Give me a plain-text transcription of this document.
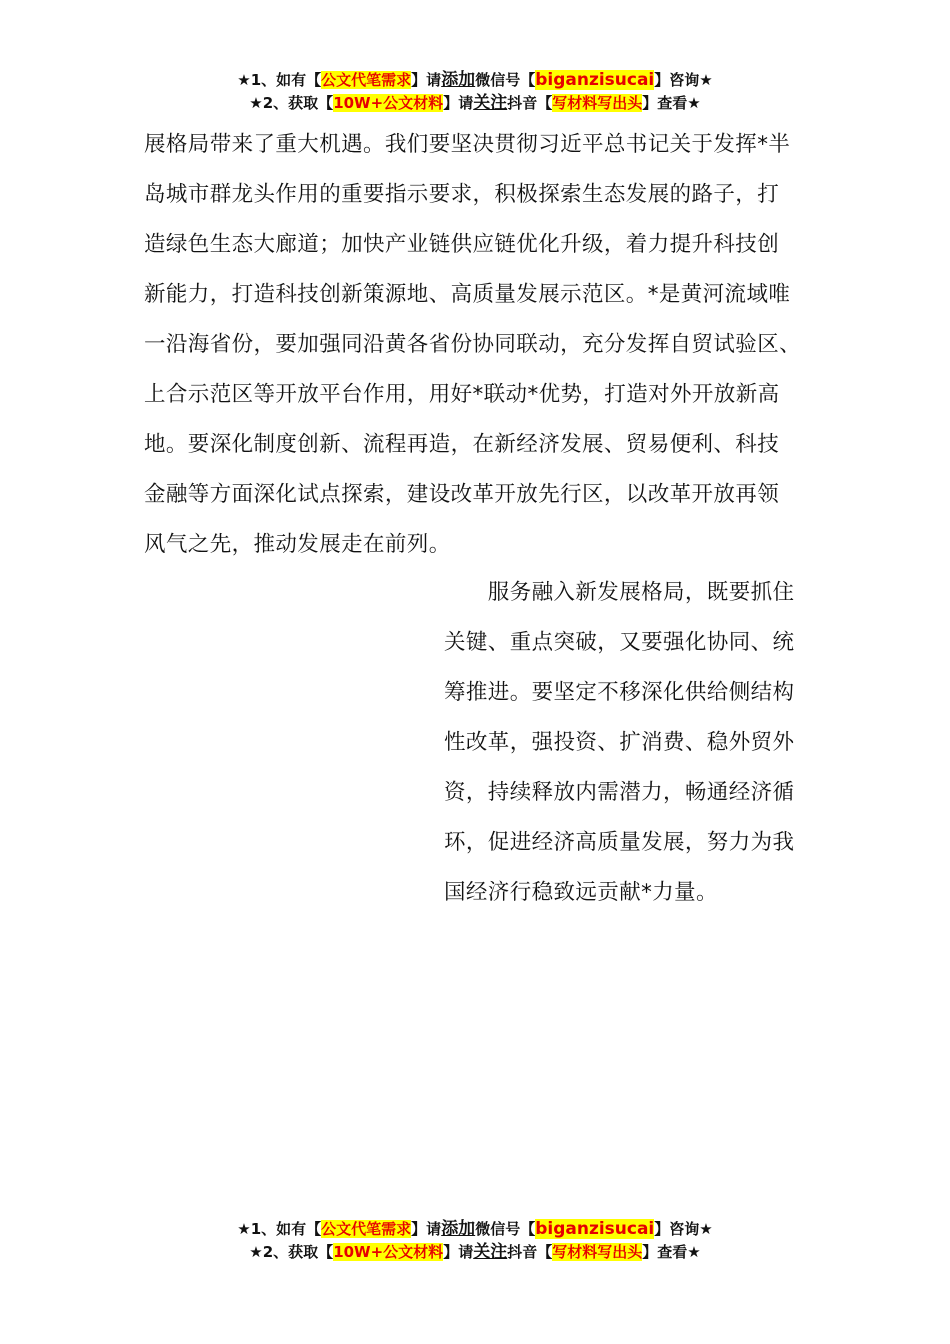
★1、如有【公文代笔需求】请添加微信号【biganzisucai】咨询★
★2、获取【10W+公文材料】请关注抖音【写材料写出头】查看★
展格局带来了重大机遇。我们要坚决贯彻习近平总书记关于发挥*半
岛城市群龙头作用的重要指示要求，积极探索生态发展的路子，打
造绿色生态大廊道；加快产业链供应链优化升级，着力提升科技创
新能力，打造科技创新策源地、高质量发展示范区。*是黄河流域唯
一沿海省份，要加强同沿黄各省份协同联动，充分发挥自贸试验区、
上合示范区等开放平台作用，用好*联动*优势，打造对外开放新高
地。要深化制度创新、流程再造，在新经济发展、贸易便利、科技
金融等方面深化试点探索，建设改革开放先行区，以改革开放再领
风气之先，推动发展走在前列。
　　服务融入新发展格局，既要抓住
关键、重点突破，又要强化协同、统
筹推进。要坚定不移深化供给侧结构
性改革，强投资、扩消费、稳外贸外
资，持续释放内需潜力，畅通经济循
环，促进经济高质量发展，努力为我
国经济行稳致远贡献*力量。
★1、如有【公文代笔需求】请添加微信号【biganzisucai】咨询★
★2、获取【10W+公文材料】请关注抖音【写材料写出头】查看★
